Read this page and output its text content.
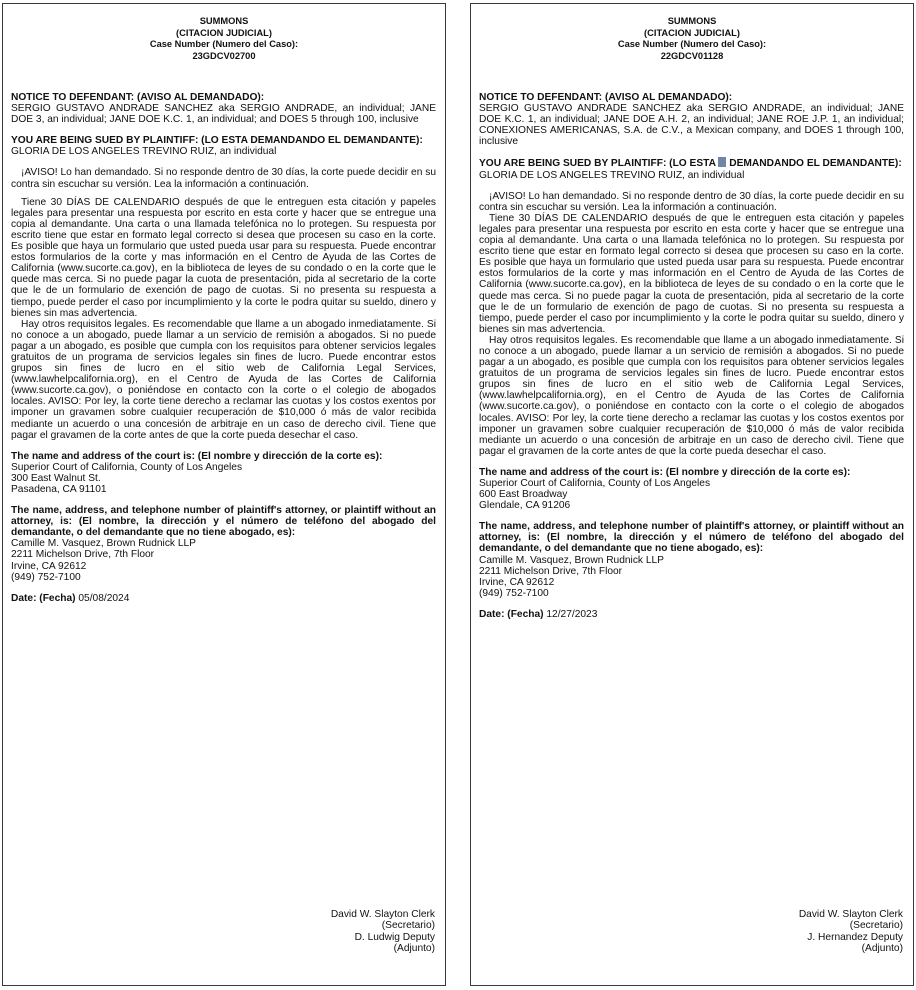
SUMMONS
(CITACION JUDICIAL)
Case Number (Numero del Caso):
23GDCV02700

NOTICE TO DEFENDANT: (AVISO AL DEMANDADO):

SERGIO GUSTAVO ANDRADE SANCHEZ aka SERGIO ANDRADE, an individual; JANE DOE 3, an individual; JANE DOE K.C. 1, an individual; and DOES 5 through 100, inclusive

YOU ARE BEING SUED BY PLAINTIFF: (LO ESTA DEMANDANDO EL DEMANDANTE):

GLORIA DE LOS ANGELES TREVINO RUIZ, an individual

¡AVISO! Lo han demandado. Si no responde dentro de 30 días, la corte puede decidir en su contra sin escuchar su versión. Lea la información a continuación.

Tiene 30 DÍAS DE CALENDARIO después de que le entreguen esta citación y papeles legales para presentar una respuesta por escrito en esta corte y hacer que se entregue una copia al demandante. Una carta o una llamada telefónica no lo protegen. Su respuesta por escrito tiene que estar en formato legal correcto si desea que procesen su caso en la corte. Es posible que haya un formulario que usted pueda usar para su respuesta. Puede encontrar estos formularios de la corte y mas información en el Centro de Ayuda de las Cortes de California (www.sucorte.ca.gov), en la biblioteca de leyes de su condado o en la corte que le quede mas cerca. Si no puede pagar la cuota de presentación, pida al secretario de la corte que le de un formulario de exención de pago de cuotas. Si no presenta su respuesta a tiempo, puede perder el caso por incumplimiento y la corte le podra quitar su sueldo, dinero y bienes sin mas advertencia.

Hay otros requisitos legales. Es recomendable que llame a un abogado inmediatamente. Si no conoce a un abogado, puede llamar a un servicio de remisión a abogados. Si no puede pagar a un abogado, es posible que cumpla con los requisitos para obtener servicios legales gratuitos de un programa de servicios legales sin fines de lucro. Puede encontrar estos grupos sin fines de lucro en el sitio web de California Legal Services, (www.lawhelpcalifornia.org), en el Centro de Ayuda de las Cortes de California (www.sucorte.ca.gov), o poniéndose en contacto con la corte o el colegio de abogados locales. AVISO: Por ley, la corte tiene derecho a reclamar las cuotas y los costos exentos por imponer un gravamen sobre cualquier recuperación de $10,000 ó más de valor recibida mediante un acuerdo o una concesión de arbitraje en un caso de derecho civil. Tiene que pagar el gravamen de la corte antes de que la corte pueda desechar el caso.

The name and address of the court is: (El nombre y dirección de la corte es):

Superior Court of California, County of Los Angeles

300 East Walnut St.

Pasadena, CA 91101

The name, address, and telephone number of plaintiff's attorney, or plaintiff without an attorney, is: (El nombre, la dirección y el número de teléfono del abogado del demandante, o del demandante que no tiene abogado, es):

Camille M. Vasquez, Brown Rudnick LLP

2211 Michelson Drive, 7th Floor

Irvine, CA 92612

(949) 752-7100

Date: (Fecha) 05/08/2024

David W. Slayton Clerk
(Secretario)
D. Ludwig Deputy
(Adjunto)
SUMMONS
(CITACION JUDICIAL)
Case Number (Numero del Caso):
22GDCV01128

NOTICE TO DEFENDANT: (AVISO AL DEMANDADO):

SERGIO GUSTAVO ANDRADE SANCHEZ aka SERGIO ANDRADE, an individual; JANE DOE K.C. 1, an individual; JANE DOE A.H. 2, an individual; JANE ROE J.P. 1, an individual; CONEXIONES AMERICANAS, S.A. de C.V., a Mexican company, and DOES 1 through 100, inclusive

YOU ARE BEING SUED BY PLAINTIFF: (LO ESTA DEMANDANDO EL DEMANDANTE):

GLORIA DE LOS ANGELES TREVINO RUIZ, an individual

¡AVISO! Lo han demandado. Si no responde dentro de 30 días, la corte puede decidir en su contra sin escuchar su versión. Lea la información a continuación.

Tiene 30 DÍAS DE CALENDARIO después de que le entreguen esta citación y papeles legales para presentar una respuesta por escrito en esta corte y hacer que se entregue una copia al demandante. Una carta o una llamada telefónica no lo protegen. Su respuesta por escrito tiene que estar en formato legal correcto si desea que procesen su caso en la corte. Es posible que haya un formulario que usted pueda usar para su respuesta. Puede encontrar estos formularios de la corte y mas información en el Centro de Ayuda de las Cortes de California (www.sucorte.ca.gov), en la biblioteca de leyes de su condado o en la corte que le quede mas cerca. Si no puede pagar la cuota de presentación, pida al secretario de la corte que le de un formulario de exención de pago de cuotas. Si no presenta su respuesta a tiempo, puede perder el caso por incumplimiento y la corte le podra quitar su sueldo, dinero y bienes sin mas advertencia.

Hay otros requisitos legales. Es recomendable que llame a un abogado inmediatamente. Si no conoce a un abogado, puede llamar a un servicio de remisión a abogados. Si no puede pagar a un abogado, es posible que cumpla con los requisitos para obtener servicios legales gratuitos de un programa de servicios legales sin fines de lucro. Puede encontrar estos grupos sin fines de lucro en el sitio web de California Legal Services, (www.lawhelpcalifornia.org), en el Centro de Ayuda de las Cortes de California (www.sucorte.ca.gov), o poniéndose en contacto con la corte o el colegio de abogados locales. AVISO: Por ley, la corte tiene derecho a reclamar las cuotas y los costos exentos por imponer un gravamen sobre cualquier recuperación de $10,000 ó más de valor recibida mediante un acuerdo o una concesión de arbitraje en un caso de derecho civil. Tiene que pagar el gravamen de la corte antes de que la corte pueda desechar el caso.

The name and address of the court is: (El nombre y dirección de la corte es):

Superior Court of California, County of Los Angeles

600 East Broadway

Glendale, CA 91206

The name, address, and telephone number of plaintiff's attorney, or plaintiff without an attorney, is: (El nombre, la dirección y el número de teléfono del abogado del demandante, o del demandante que no tiene abogado, es):

Camille M. Vasquez, Brown Rudnick LLP

2211 Michelson Drive, 7th Floor

Irvine, CA 92612

(949) 752-7100

Date: (Fecha) 12/27/2023

David W. Slayton Clerk
(Secretario)
J. Hernandez Deputy
(Adjunto)
